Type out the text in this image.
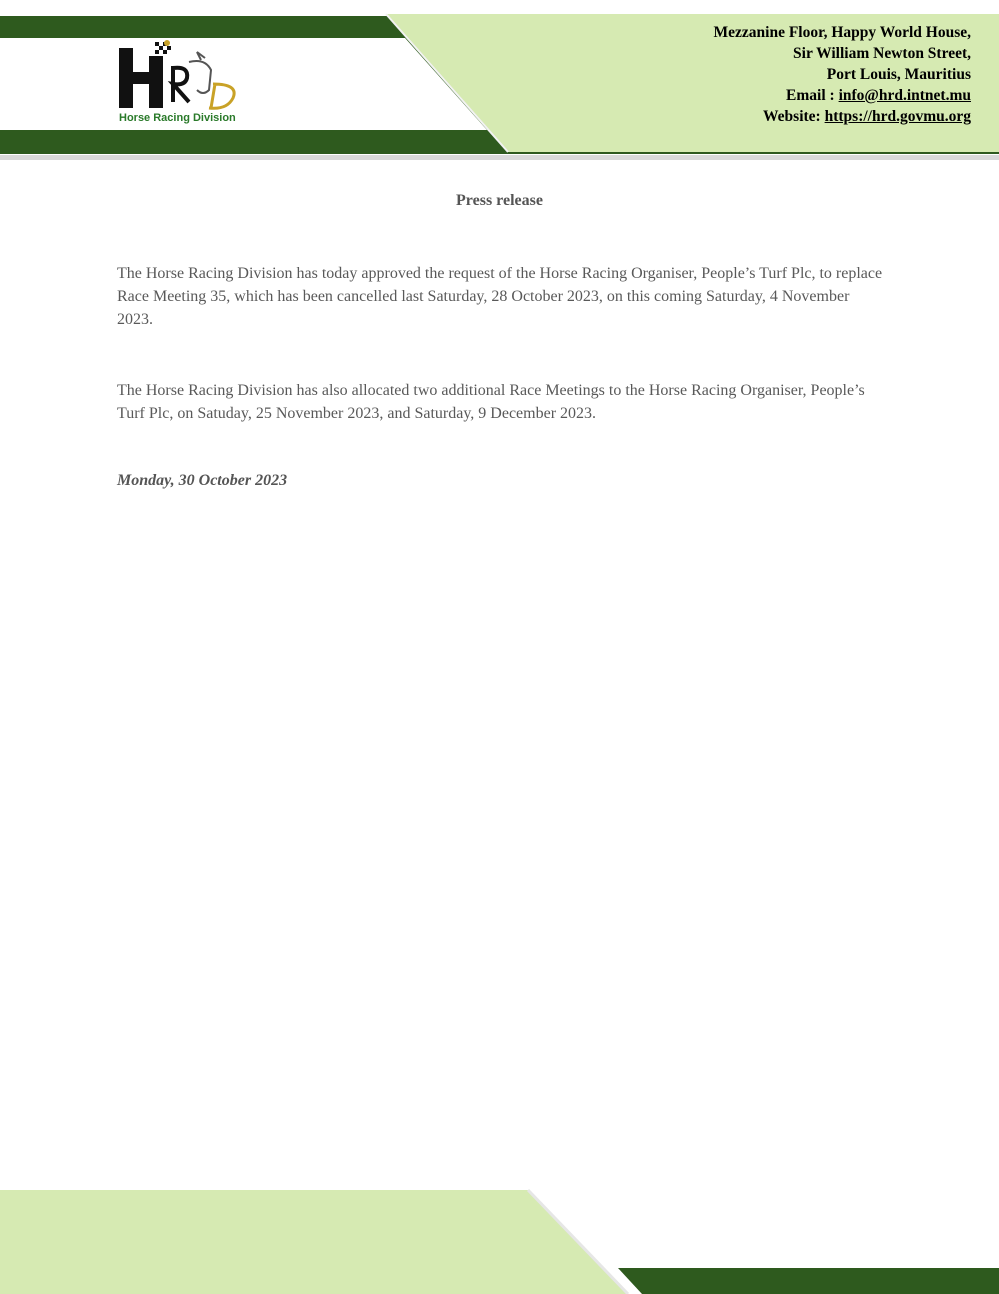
Horse Racing Division
Mezzanine Floor, Happy World House,
Sir William Newton Street,
Port Louis, Mauritius
Email : info@hrd.intnet.mu
Website: https://hrd.govmu.org
Press release

The Horse Racing Division has today approved the request of the Horse Racing Organiser, People’s Turf Plc, to replace Race Meeting 35, which has been cancelled last Saturday, 28 October 2023, on this coming Saturday, 4 November 2023.

The Horse Racing Division has also allocated two additional Race Meetings to the Horse Racing Organiser, People’s Turf Plc, on Satuday, 25 November 2023, and Saturday, 9 December 2023.

Monday, 30 October 2023
